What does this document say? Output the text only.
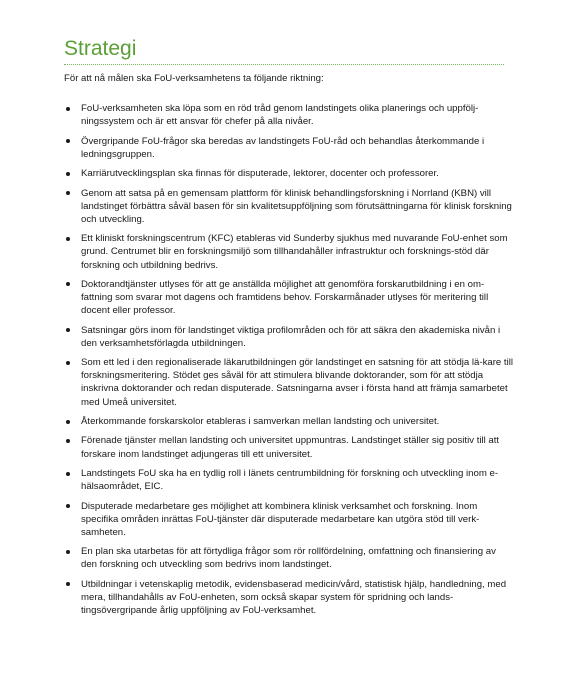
Strategi

För att nå målen ska FoU-verksamhetens ta följande riktning:

FoU-verksamheten ska löpa som en röd tråd genom landstingets olika planerings och uppfölj-ningssystem och är ett ansvar för chefer på alla nivåer.
Övergripande FoU-frågor ska beredas av landstingets FoU-råd och behandlas återkommande i ledningsgruppen.
Karriärutvecklingsplan ska finnas för disputerade, lektorer, docenter och professorer.
Genom att satsa på en gemensam plattform för klinisk behandlingsforskning i Norrland (KBN) vill landstinget förbättra såväl basen för sin kvalitetsuppföljning som förutsättningarna för klinisk forskning och utveckling.
Ett kliniskt forskningscentrum (KFC) etableras vid Sunderby sjukhus med nuvarande FoU-enhet som grund. Centrumet blir en forskningsmiljö som tillhandahåller infrastruktur och forsknings-stöd där forskning och utbildning bedrivs.
Doktorandtjänster utlyses för att ge anställda möjlighet att genomföra forskarutbildning i en om-fattning som svarar mot dagens och framtidens behov. Forskarmånader utlyses för meritering till docent eller professor.
Satsningar görs inom för landstinget viktiga profilområden och för att säkra den akademiska nivån i den verksamhetsförlagda utbildningen.
Som ett led i den regionaliserade läkarutbildningen gör landstinget en satsning för att stödja lä-kare till forskningsmeritering. Stödet ges såväl för att stimulera blivande doktorander, som för att stödja inskrivna doktorander och redan disputerade. Satsningarna avser i första hand att främja samarbetet med Umeå universitet.
Återkommande forskarskolor etableras i samverkan mellan landsting och universitet.
Förenade tjänster mellan landsting och universitet uppmuntras. Landstinget ställer sig positiv till att forskare inom landstinget adjungeras till ett universitet.
Landstingets FoU ska ha en tydlig roll i länets centrumbildning för forskning och utveckling inom e-hälsaområdet, EIC.
Disputerade medarbetare ges möjlighet att kombinera klinisk verksamhet och forskning. Inom specifika områden inrättas FoU-tjänster där disputerade medarbetare kan utgöra stöd till verk-samheten.
En plan ska utarbetas för att förtydliga frågor som rör rollfördelning, omfattning och finansiering av den forskning och utveckling som bedrivs inom landstinget.
Utbildningar i vetenskaplig metodik, evidensbaserad medicin/vård, statistisk hjälp, handledning, med mera, tillhandahålls av FoU-enheten, som också skapar system för spridning och lands-tingsövergripande årlig uppföljning av FoU-verksamhet.
